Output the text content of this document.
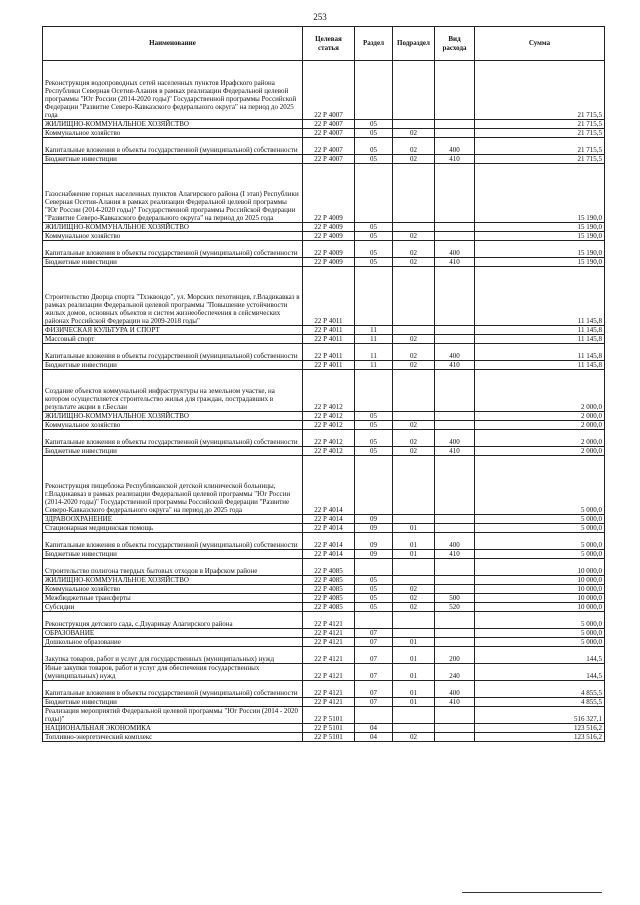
253
Наименование	Целевая статья	Раздел	Подраздел	Вид расхода	Сумма
Реконструкция водопроводных сетей населенных пунктов Ирафского района Республики Северная Осетия-Алания в рамках реализации Федеральной целевой программы "Юг России (2014-2020 годы)" Государственной программы Российской Федерации "Развитие Северо-Кавказского федерального округа" на период до 2025 года	22 Р 4007				21 715,5
ЖИЛИЩНО-КОММУНАЛЬНОЕ ХОЗЯЙСТВО	22 Р 4007	05			21 715,5
Коммунальное хозяйство	22 Р 4007	05	02		21 715,5
Капитальные вложения в объекты государственной (муниципальной) собственности	22 Р 4007	05	02	400	21 715,5
Бюджетные инвестиции	22 Р 4007	05	02	410	21 715,5
Газоснабжение горных населенных пунктов Алагирского района (I этап) Республики Северная Осетия-Алания в рамках реализации Федеральной целевой программы "Юг России (2014-2020 годы)" Государственной программы Российской Федерации "Развитие Северо-Кавказского федерального округа" на период до 2025 года	22 Р 4009				15 190,0
ЖИЛИЩНО-КОММУНАЛЬНОЕ ХОЗЯЙСТВО	22 Р 4009	05			15 190,0
Коммунальное хозяйство	22 Р 4009	05	02		15 190,0
Капитальные вложения в объекты государственной (муниципальной) собственности	22 Р 4009	05	02	400	15 190,0
Бюджетные инвестиции	22 Р 4009	05	02	410	15 190,0
Строительство Дворца спорта "Тхэквондо", ул. Морских пехотинцев, г.Владикавказ в рамках реализации Федеральной целевой программы "Повышение устойчивости жилых домов, основных объектов и систем жизнеобеспечения в сейсмических районах Российской Федерации на 2009-2018 годы"	22 Р 4011				11 145,8
ФИЗИЧЕСКАЯ КУЛЬТУРА И СПОРТ	22 Р 4011	11			11 145,8
Массовый спорт	22 Р 4011	11	02		11 145,8
Капитальные вложения в объекты государственной (муниципальной) собственности	22 Р 4011	11	02	400	11 145,8
Бюджетные инвестиции	22 Р 4011	11	02	410	11 145,8
Создание объектов коммунальной инфраструктуры на земельном участке, на котором осуществляется строительство жилья для граждан, пострадавших в результате акции в г.Беслан	22 Р 4012				2 000,0
ЖИЛИЩНО-КОММУНАЛЬНОЕ ХОЗЯЙСТВО	22 Р 4012	05			2 000,0
Коммунальное хозяйство	22 Р 4012	05	02		2 000,0
Капитальные вложения в объекты государственной (муниципальной) собственности	22 Р 4012	05	02	400	2 000,0
Бюджетные инвестиции	22 Р 4012	05	02	410	2 000,0
Реконструкция пищеблока Республиканской детской клинической больницы, г.Владикавказ в рамках реализации Федеральной целевой программы "Юг России (2014-2020 годы)" Государственной программы Российской Федерации "Развитие Северо-Кавказского федерального округа" на период до 2025 года	22 Р 4014				5 000,0
ЗДРАВООХРАНЕНИЕ	22 Р 4014	09			5 000,0
Стационарная медицинская помощь	22 Р 4014	09	01		5 000,0
Капитальные вложения в объекты государственной (муниципальной) собственности	22 Р 4014	09	01	400	5 000,0
Бюджетные инвестиции	22 Р 4014	09	01	410	5 000,0
Строительство полигона твердых бытовых отходов в Ирафском районе	22 Р 4085				10 000,0
ЖИЛИЩНО-КОММУНАЛЬНОЕ ХОЗЯЙСТВО	22 Р 4085	05			10 000,0
Коммунальное хозяйство	22 Р 4085	05	02		10 000,0
Межбюджетные трансферты	22 Р 4085	05	02	500	10 000,0
Субсидии	22 Р 4085	05	02	520	10 000,0
Реконструкция детского сада, с.Дзуарикау Алагирского района	22 Р 4121				5 000,0
ОБРАЗОВАНИЕ	22 Р 4121	07			5 000,0
Дошкольное образование	22 Р 4121	07	01		5 000,0
Закупка товаров, работ и услуг для государственных (муниципальных) нужд	22 Р 4121	07	01	200	144,5
Иные закупки товаров, работ и услуг для обеспечения государственных (муниципальных) нужд	22 Р 4121	07	01	240	144,5
Капитальные вложения в объекты государственной (муниципальной) собственности	22 Р 4121	07	01	400	4 855,5
Бюджетные инвестиции	22 Р 4121	07	01	410	4 855,5
Реализация мероприятий Федеральной целевой программы "Юг России (2014 - 2020 годы)"	22 Р 5101				516 327,1
НАЦИОНАЛЬНАЯ ЭКОНОМИКА	22 Р 5101	04			123 516,2
Топливно-энергетический комплекс	22 Р 5101	04	02		123 516,2
